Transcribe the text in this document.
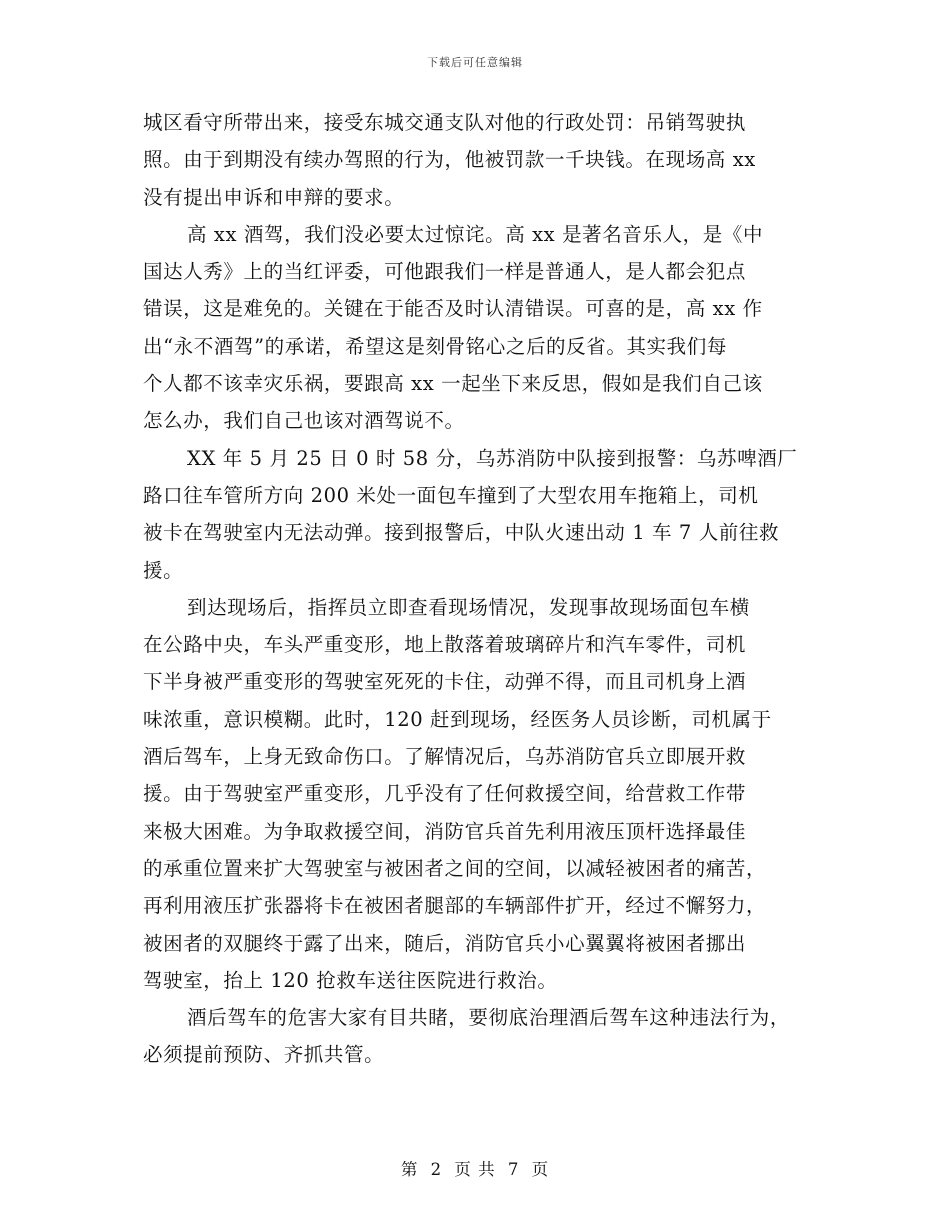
下载后可任意编辑
城区看守所带出来，接受东城交通支队对他的行政处罚：吊销驾驶执
照。由于到期没有续办驾照的行为，他被罚款一千块钱。在现场高 xx
没有提出申诉和申辩的要求。
高 xx 酒驾，我们没必要太过惊诧。高 xx 是著名音乐人，是《中
国达人秀》上的当红评委，可他跟我们一样是普通人，是人都会犯点
错误，这是难免的。关键在于能否及时认清错误。可喜的是，高 xx 作
出“永不酒驾”的承诺，希望这是刻骨铭心之后的反省。其实我们每
个人都不该幸灾乐祸，要跟高 xx 一起坐下来反思，假如是我们自己该
怎么办，我们自己也该对酒驾说不。
XX 年 5 月 25 日 0 时 58 分，乌苏消防中队接到报警：乌苏啤酒厂
路口往车管所方向 200 米处一面包车撞到了大型农用车拖箱上，司机
被卡在驾驶室内无法动弹。接到报警后，中队火速出动 1 车 7 人前往救
援。
到达现场后，指挥员立即查看现场情况，发现事故现场面包车横
在公路中央，车头严重变形，地上散落着玻璃碎片和汽车零件，司机
下半身被严重变形的驾驶室死死的卡住，动弹不得，而且司机身上酒
味浓重，意识模糊。此时，120 赶到现场，经医务人员诊断，司机属于
酒后驾车，上身无致命伤口。了解情况后，乌苏消防官兵立即展开救
援。由于驾驶室严重变形，几乎没有了任何救援空间，给营救工作带
来极大困难。为争取救援空间，消防官兵首先利用液压顶杆选择最佳
的承重位置来扩大驾驶室与被困者之间的空间，以减轻被困者的痛苦，
再利用液压扩张器将卡在被困者腿部的车辆部件扩开，经过不懈努力，
被困者的双腿终于露了出来，随后，消防官兵小心翼翼将被困者挪出
驾驶室，抬上 120 抢救车送往医院进行救治。
酒后驾车的危害大家有目共睹，要彻底治理酒后驾车这种违法行为，
必须提前预防、齐抓共管。
第 2 页 共 7 页
